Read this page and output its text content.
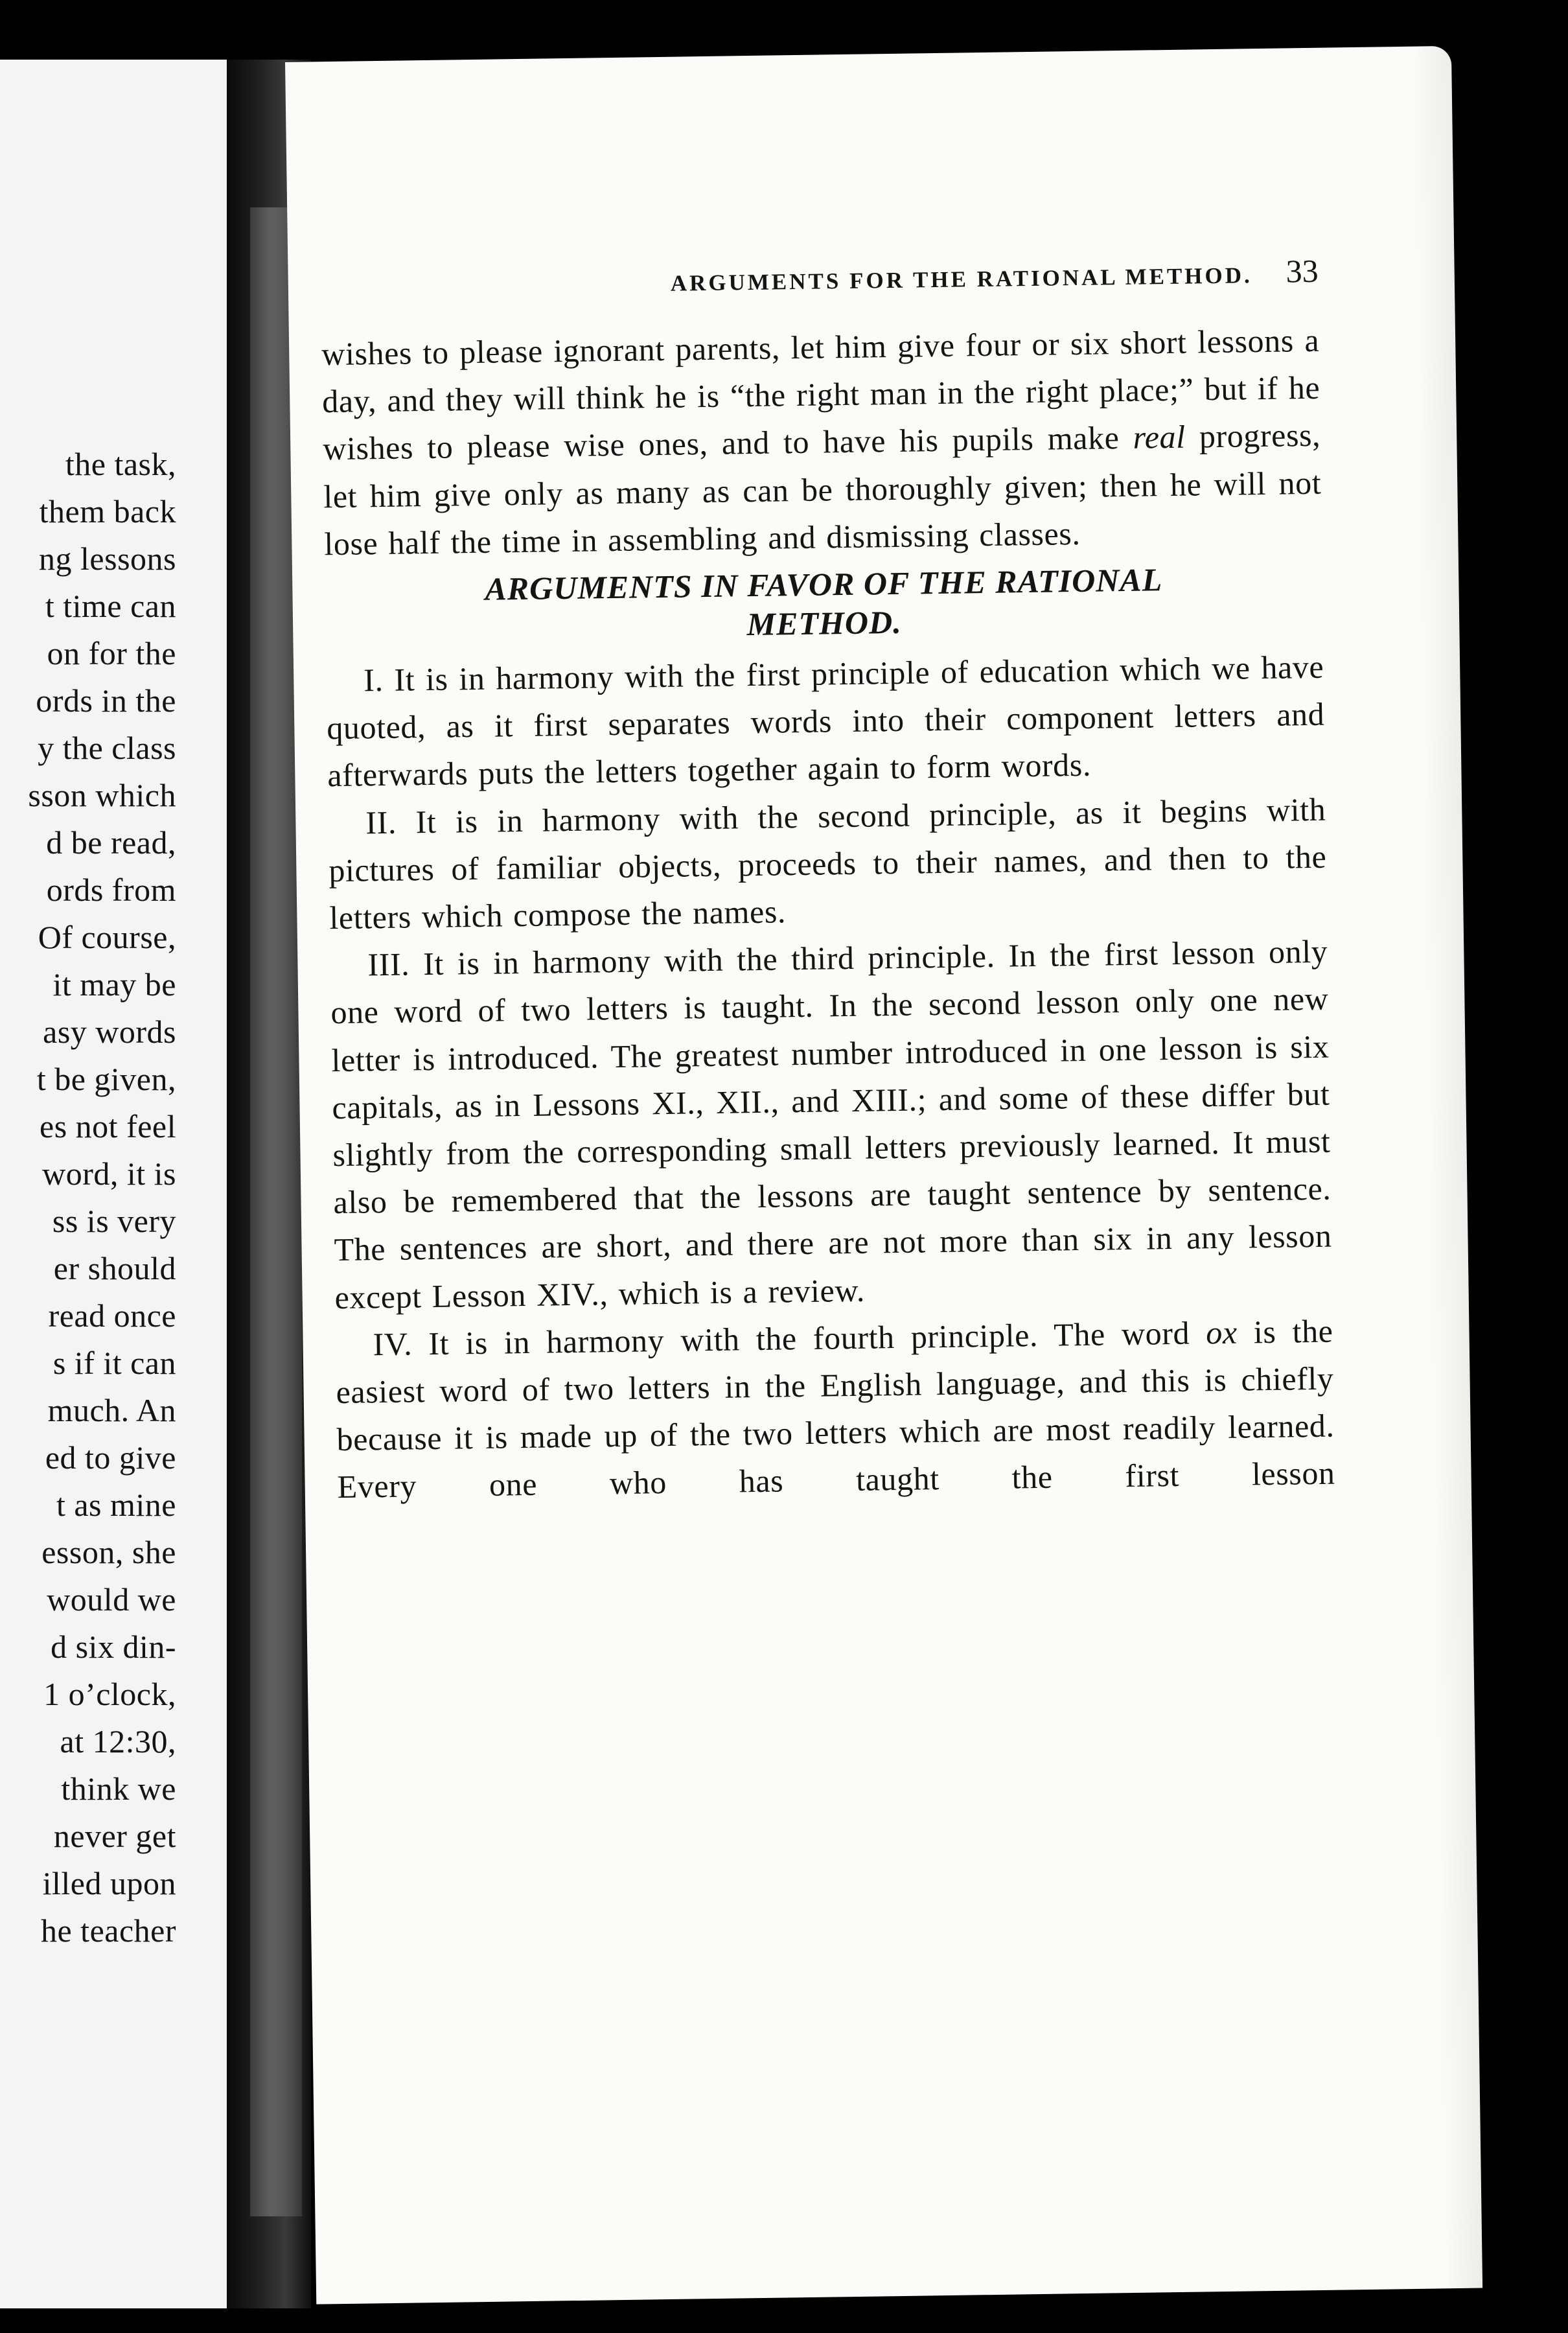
the task,
them back
ng lessons
t time can
on for the
ords in the
y the class
sson which
d be read,
ords from
Of course,
it may be
asy words
t be given,
es not feel
word, it is
ss is very
er should
read once
s if it can
much. An
ed to give
t as mine
esson, she
would we
d six din-
1 o’clock,
at 12:30,
think we
never get
illed upon
he teacher
ARGUMENTS FOR THE RATIONAL METHOD. 33

wishes to please ignorant parents, let him give four or six short lessons a day, and they will think he is “the right man in the right place;” but if he wishes to please wise ones, and to have his pupils make real progress, let him give only as many as can be thoroughly given; then he will not lose half the time in assembling and dismissing classes.

ARGUMENTS IN FAVOR OF THE RATIONAL
METHOD.

I. It is in harmony with the first principle of education which we have quoted, as it first separates words into their component letters and afterwards puts the letters together again to form words.

II. It is in harmony with the second principle, as it begins with pictures of familiar objects, proceeds to their names, and then to the letters which compose the names.

III. It is in harmony with the third principle. In the first lesson only one word of two letters is taught. In the second lesson only one new letter is introduced. The greatest number introduced in one lesson is six capitals, as in Lessons XI., XII., and XIII.; and some of these differ but slightly from the corresponding small letters previously learned. It must also be remembered that the lessons are taught sentence by sentence. The sentences are short, and there are not more than six in any lesson except Lesson XIV., which is a review.

IV. It is in harmony with the fourth principle. The word ox is the easiest word of two letters in the English language, and this is chiefly because it is made up of the two letters which are most readily learned. Every one who has taught the first lesson
